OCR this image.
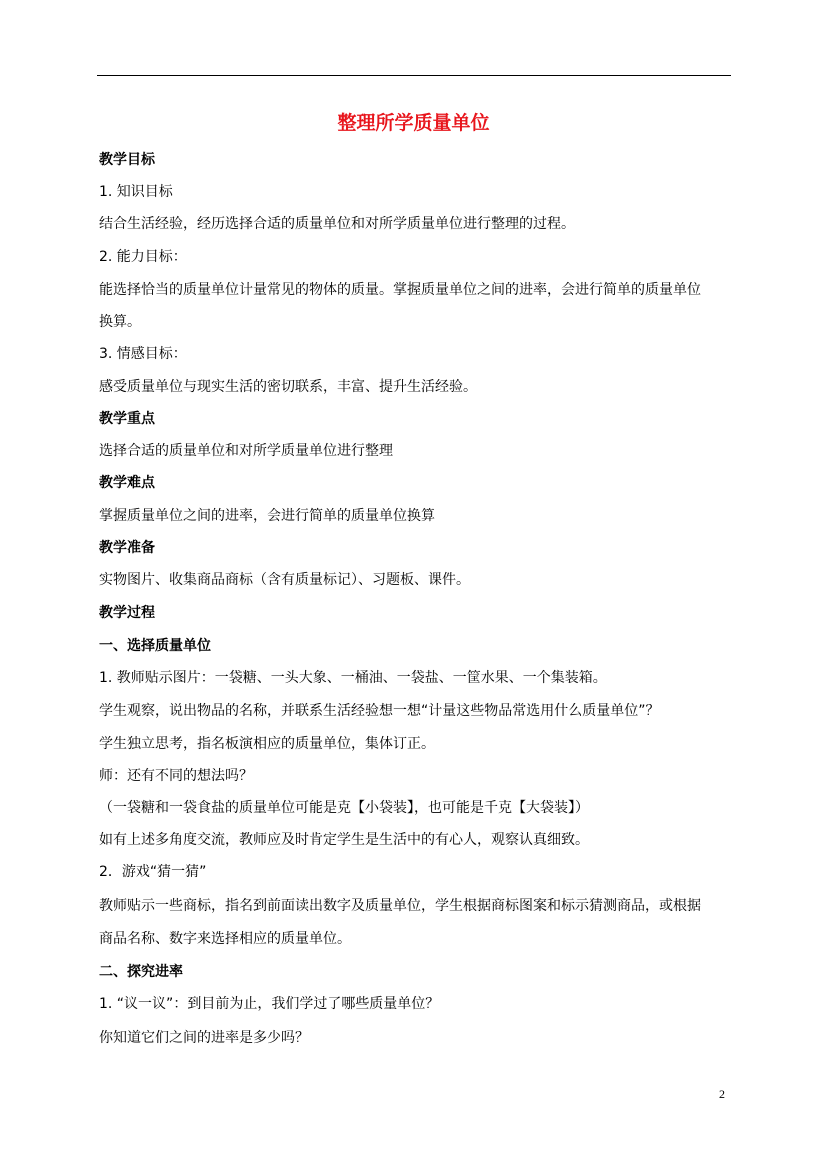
整理所学质量单位
教学目标
1. 知识目标
结合生活经验，经历选择合适的质量单位和对所学质量单位进行整理的过程。
2. 能力目标：
能选择恰当的质量单位计量常见的物体的质量。掌握质量单位之间的进率，会进行简单的质量单位
换算。
3. 情感目标：
感受质量单位与现实生活的密切联系，丰富、提升生活经验。
教学重点
选择合适的质量单位和对所学质量单位进行整理
教学难点
掌握质量单位之间的进率，会进行简单的质量单位换算
教学准备
实物图片、收集商品商标（含有质量标记）、习题板、课件。
教学过程
一、选择质量单位
1. 教师贴示图片：一袋糖、一头大象、一桶油、一袋盐、一筐水果、一个集装箱。
学生观察，说出物品的名称，并联系生活经验想一想“计量这些物品常选用什么质量单位”？
学生独立思考，指名板演相应的质量单位，集体订正。
师：还有不同的想法吗？
（一袋糖和一袋食盐的质量单位可能是克【小袋装】，也可能是千克【大袋装】）
如有上述多角度交流，教师应及时肯定学生是生活中的有心人，观察认真细致。
2．游戏“猜一猜”
教师贴示一些商标，指名到前面读出数字及质量单位，学生根据商标图案和标示猜测商品，或根据
商品名称、数字来选择相应的质量单位。
二、探究进率
1. “议一议”：到目前为止，我们学过了哪些质量单位？
你知道它们之间的进率是多少吗？
2
